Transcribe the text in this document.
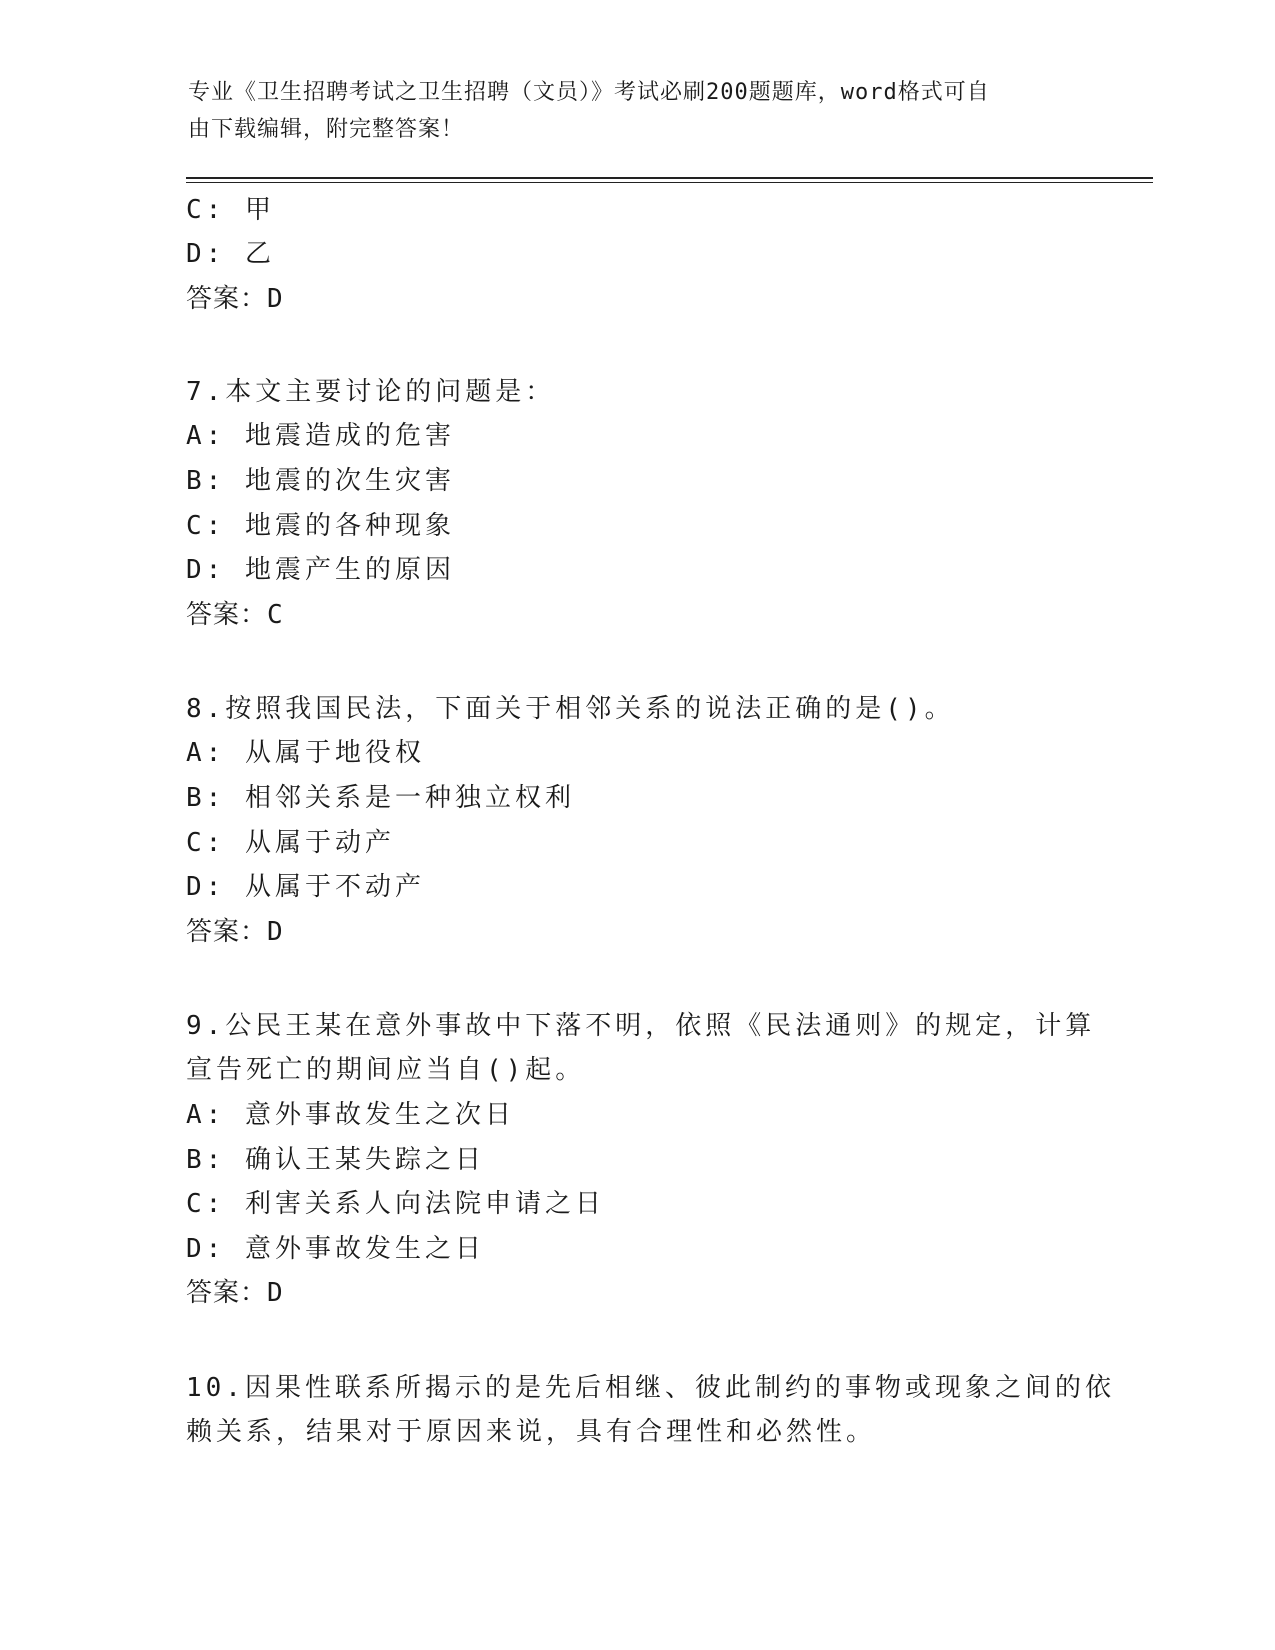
专业《卫生招聘考试之卫生招聘（文员）》考试必刷200题题库，word格式可自
由下载编辑，附完整答案！
C: 甲
D: 乙
答案：D
7.本文主要讨论的问题是：
A: 地震造成的危害
B: 地震的次生灾害
C: 地震的各种现象
D: 地震产生的原因
答案：C
8.按照我国民法，下面关于相邻关系的说法正确的是()。
A: 从属于地役权
B: 相邻关系是一种独立权利
C: 从属于动产
D: 从属于不动产
答案：D
9.公民王某在意外事故中下落不明，依照《民法通则》的规定，计算
宣告死亡的期间应当自()起。
A: 意外事故发生之次日
B: 确认王某失踪之日
C: 利害关系人向法院申请之日
D: 意外事故发生之日
答案：D
10.因果性联系所揭示的是先后相继、彼此制约的事物或现象之间的依
赖关系，结果对于原因来说，具有合理性和必然性。
